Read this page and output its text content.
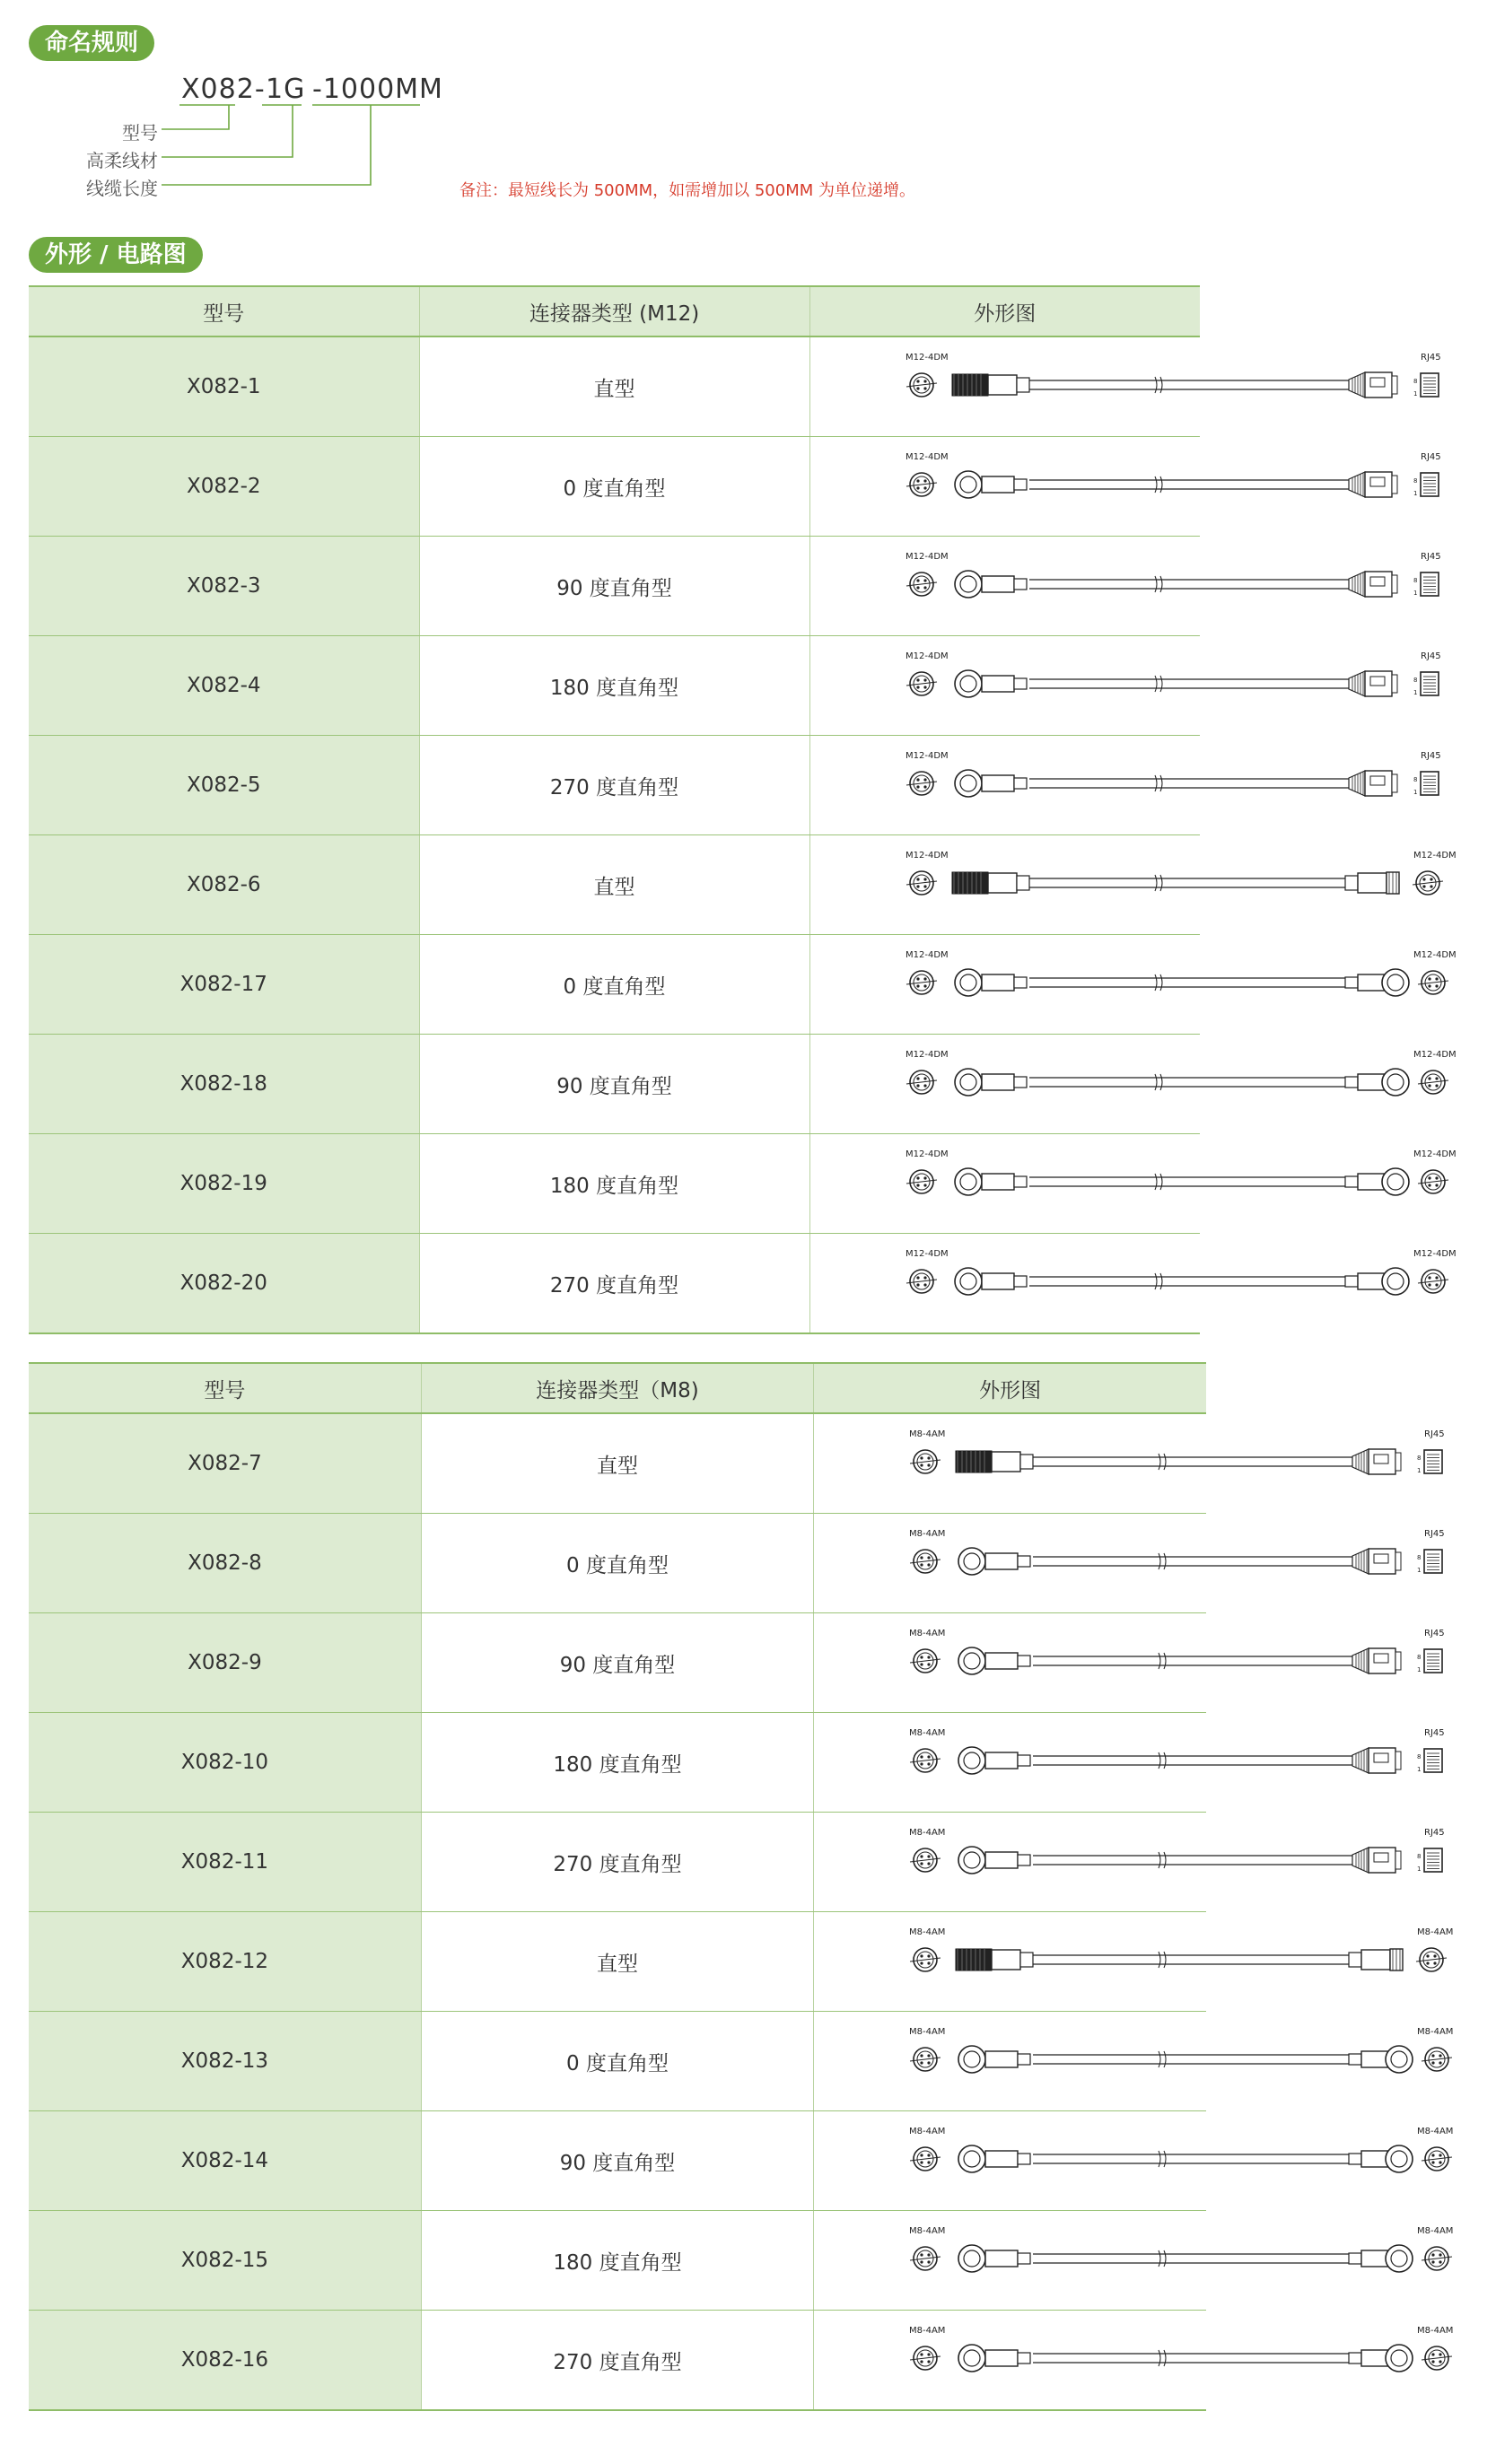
命名规则
X082- 1G -1000MM
型号
高柔线材
线缆长度	备注：最短线长为 500MM，如需增加以 500MM 为单位递增。
外形 / 电路图
型号	连接器类型 (M12)	外形图
X082-1	直型	M12-4DM
8
1
RJ45

X082-2	0 度直角型	M12-4DM
8
1
RJ45

X082-3	90 度直角型	M12-4DM
8
1
RJ45

X082-4	180 度直角型	M12-4DM
8
1
RJ45

X082-5	270 度直角型	M12-4DM
8
1
RJ45

X082-6	直型	M12-4DM M12-4DM

X082-17	0 度直角型	M12-4DM M12-4DM

X082-18	90 度直角型	M12-4DM M12-4DM

X082-19	180 度直角型	M12-4DM M12-4DM

X082-20	270 度直角型	M12-4DM M12-4DM
型号	连接器类型（M8)	外形图
X082-7	直型	M8-4AM
8
1
RJ45

X082-8	0 度直角型	M8-4AM
8
1
RJ45

X082-9	90 度直角型	M8-4AM
8
1
RJ45

X082-10	180 度直角型	M8-4AM
8
1
RJ45

X082-11	270 度直角型	M8-4AM
8
1
RJ45

X082-12	直型	M8-4AM M8-4AM

X082-13	0 度直角型	M8-4AM M8-4AM

X082-14	90 度直角型	M8-4AM M8-4AM

X082-15	180 度直角型	M8-4AM M8-4AM

X082-16	270 度直角型	M8-4AM M8-4AM
